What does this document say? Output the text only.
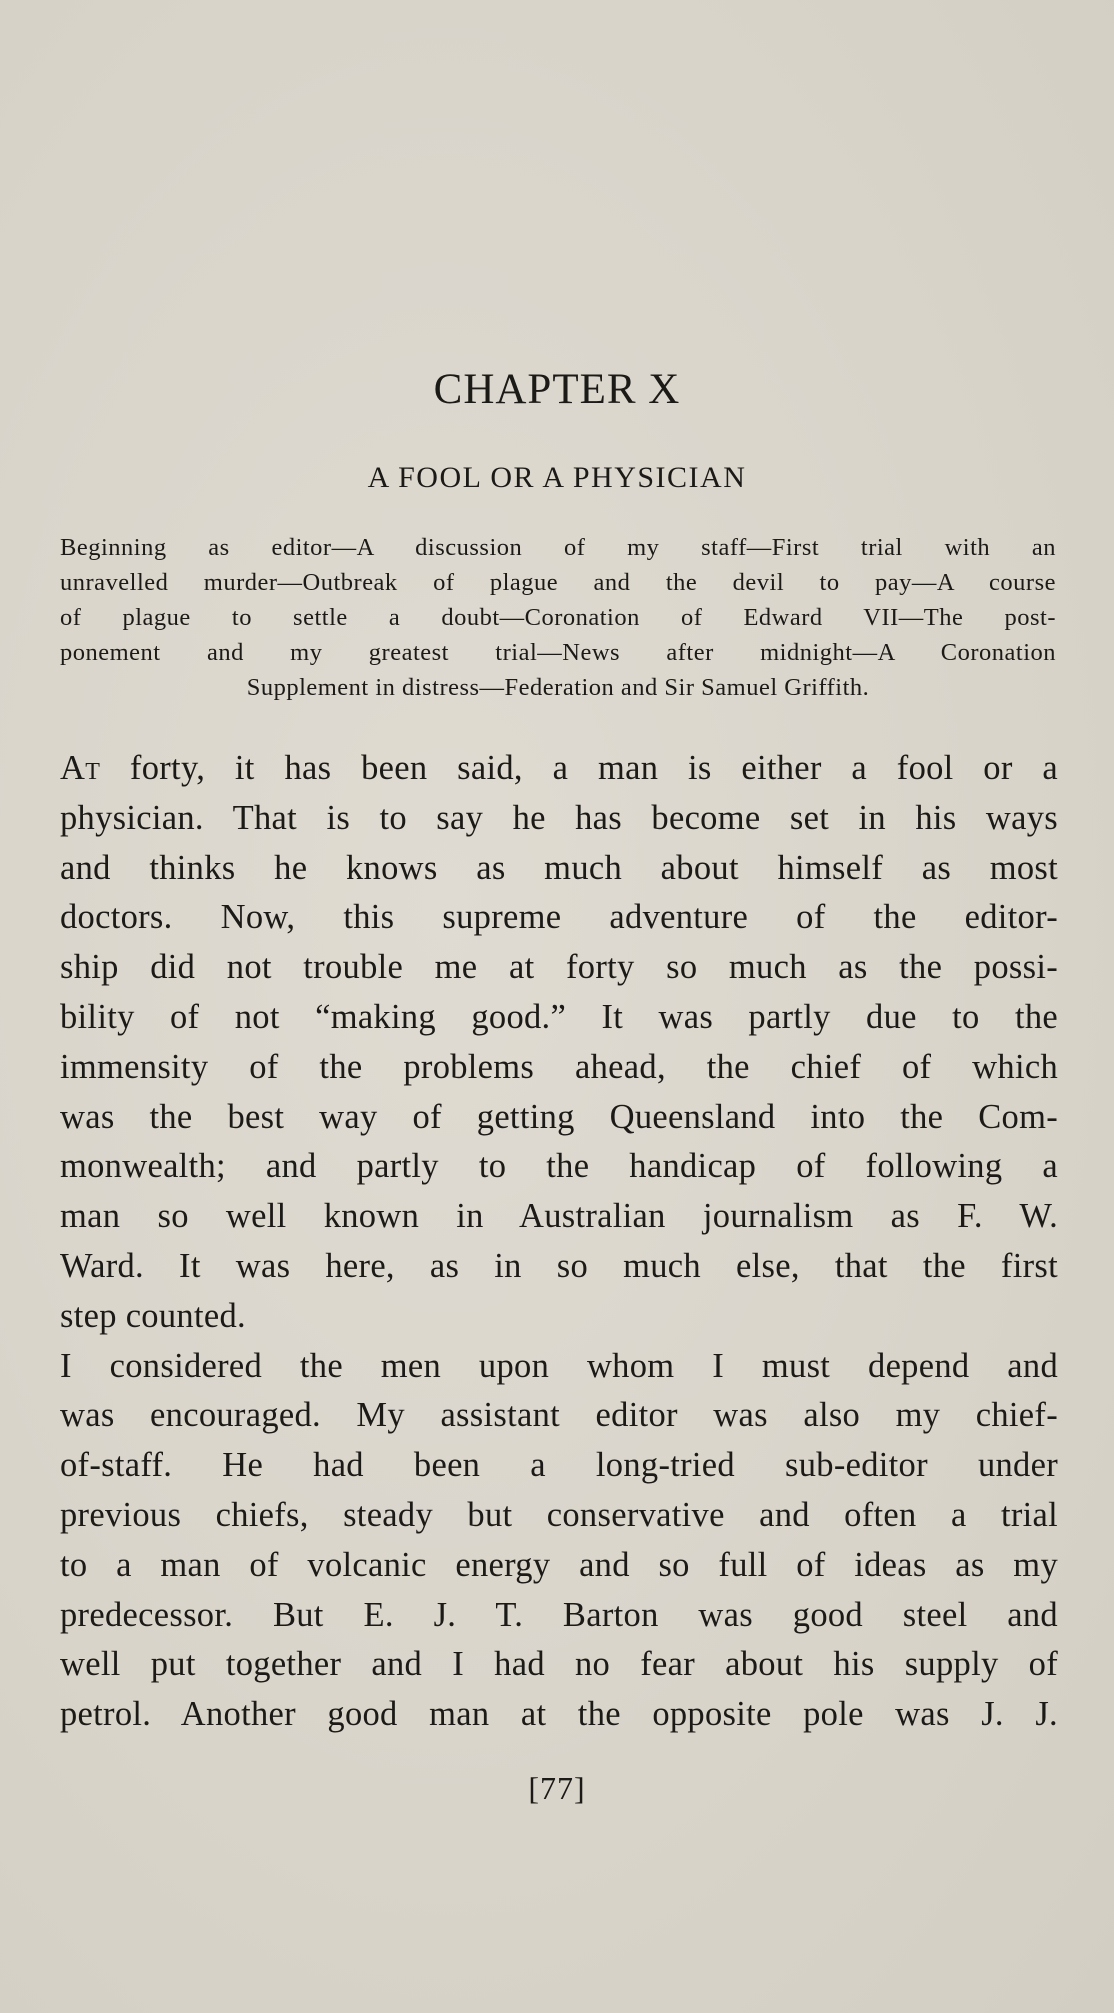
CHAPTER X
A FOOL OR A PHYSICIAN
Beginning as editor—A discussion of my staff—First trial with an
unravelled murder—Outbreak of plague and the devil to pay—A course
of plague to settle a doubt—Coronation of Edward VII—The post-
ponement and my greatest trial—News after midnight—A Coronation
Supplement in distress—Federation and Sir Samuel Griffith.
At forty, it has been said, a man is either a fool or a
physician. That is to say he has become set in his ways
and thinks he knows as much about himself as most
doctors. Now, this supreme adventure of the editor-
ship did not trouble me at forty so much as the possi-
bility of not “making good.” It was partly due to the
immensity of the problems ahead, the chief of which
was the best way of getting Queensland into the Com-
monwealth; and partly to the handicap of following a
man so well known in Australian journalism as F. W.
Ward. It was here, as in so much else, that the first
step counted.
I considered the men upon whom I must depend and
was encouraged. My assistant editor was also my chief-
of-staff. He had been a long-tried sub-editor under
previous chiefs, steady but conservative and often a trial
to a man of volcanic energy and so full of ideas as my
predecessor. But E. J. T. Barton was good steel and
well put together and I had no fear about his supply of
petrol. Another good man at the opposite pole was J. J.
[77]
